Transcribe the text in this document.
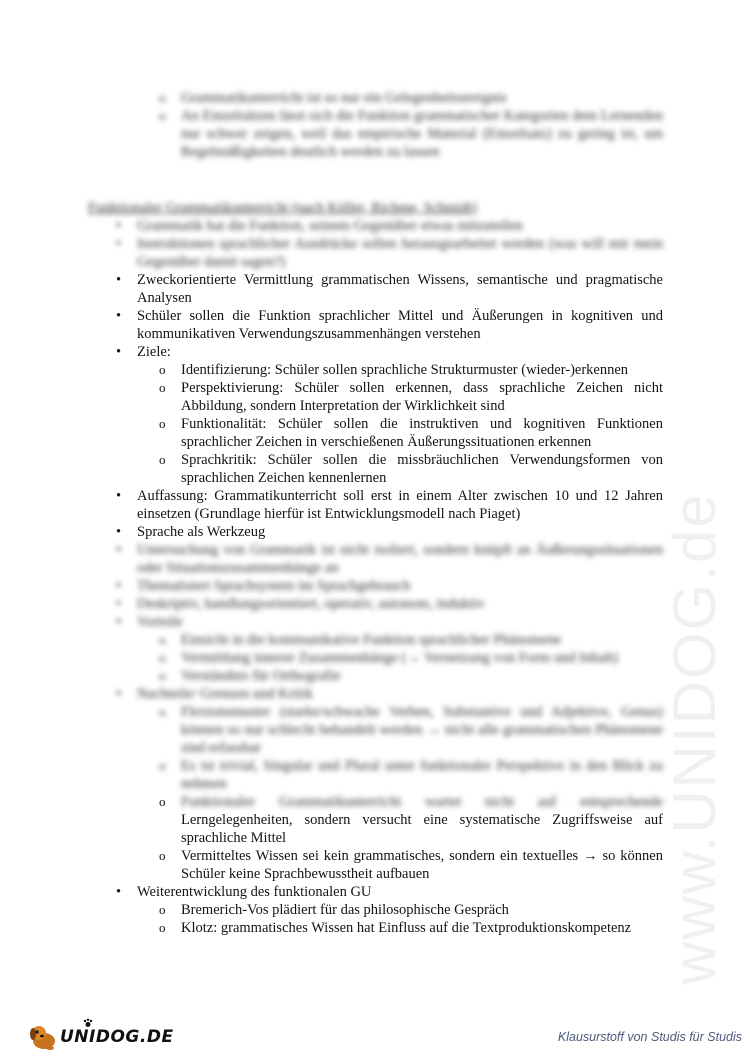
www.UNIDOG.de
o Grammatikunterricht ist so nur ein Gelegenheitsereignis
o An Einzelsätzen lässt sich die Funktion grammatischer Kategorien dem Lernenden nur schwer zeigen, weil das empirische Material (Einzelsatz) zu gering ist, um Regelmäßigkeiten deutlich werden zu lassen
Funktionaler Grammatikunterricht (nach Köller, Richme, Schmidt)
• Grammatik hat die Funktion, seinem Gegenüber etwas mitzuteilen
• Instruktionen sprachlicher Ausdrücke sollen herausgearbeitet werden (was will mir mein Gegenüber damit sagen?)
• Zweckorientierte Vermittlung grammatischen Wissens, semantische und pragmatische Analysen
• Schüler sollen die Funktion sprachlicher Mittel und Äußerungen in kognitiven und kommunikativen Verwendungszusammenhängen verstehen
• Ziele:
o Identifizierung: Schüler sollen sprachliche Strukturmuster (wieder-)erkennen
o Perspektivierung: Schüler sollen erkennen, dass sprachliche Zeichen nicht Abbildung, sondern Interpretation der Wirklichkeit sind
o Funktionalität: Schüler sollen die instruktiven und kognitiven Funktionen sprachlicher Zeichen in verschießenen Äußerungssituationen erkennen
o Sprachkritik: Schüler sollen die missbräuchlichen Verwendungsformen von sprachlichen Zeichen kennenlernen
• Auffassung: Grammatikunterricht soll erst in einem Alter zwischen 10 und 12 Jahren einsetzen (Grundlage hierfür ist Entwicklungsmodell nach Piaget)
• Sprache als Werkzeug
• Untersuchung von Grammatik ist nicht isoliert, sondern knüpft an Äußerungssituationen oder Situationszusammenhänge an
• Thematisiert Sprachsystem im Sprachgebrauch
• Deskriptiv, handlungsorientiert, operativ, autonom, induktiv
• Vorteile
o Einsicht in die kommunikative Funktion sprachlicher Phänomene
o Vermittlung innerer Zusammenhänge (→ Vernetzung von Form und Inhalt)
o Verständnis für Orthografie
• Nachteile/ Grenzen und Kritik
o Flexionsmuster (starke/schwache Verben, Substantive und Adjektive, Genus) können so nur schlecht behandelt werden → nicht alle grammatischen Phänomene sind erfassbar
o Es ist trivial, Singular und Plural unter funktionaler Perspektive in den Blick zu nehmen
o Funktionaler Grammatikunterricht wartet nicht auf entsprechende
Lerngelegenheiten, sondern versucht eine systematische Zugriffsweise auf sprachliche Mittel
o Vermitteltes Wissen sei kein grammatisches, sondern ein textuelles → so können Schüler keine Sprachbewusstheit aufbauen
• Weiterentwicklung des funktionalen GU
o Bremerich-Vos plädiert für das philosophische Gespräch
o Klotz: grammatisches Wissen hat Einfluss auf die Textproduktionskompetenz
UNIDOG.DE	Klausurstoff von Studis für Studis
